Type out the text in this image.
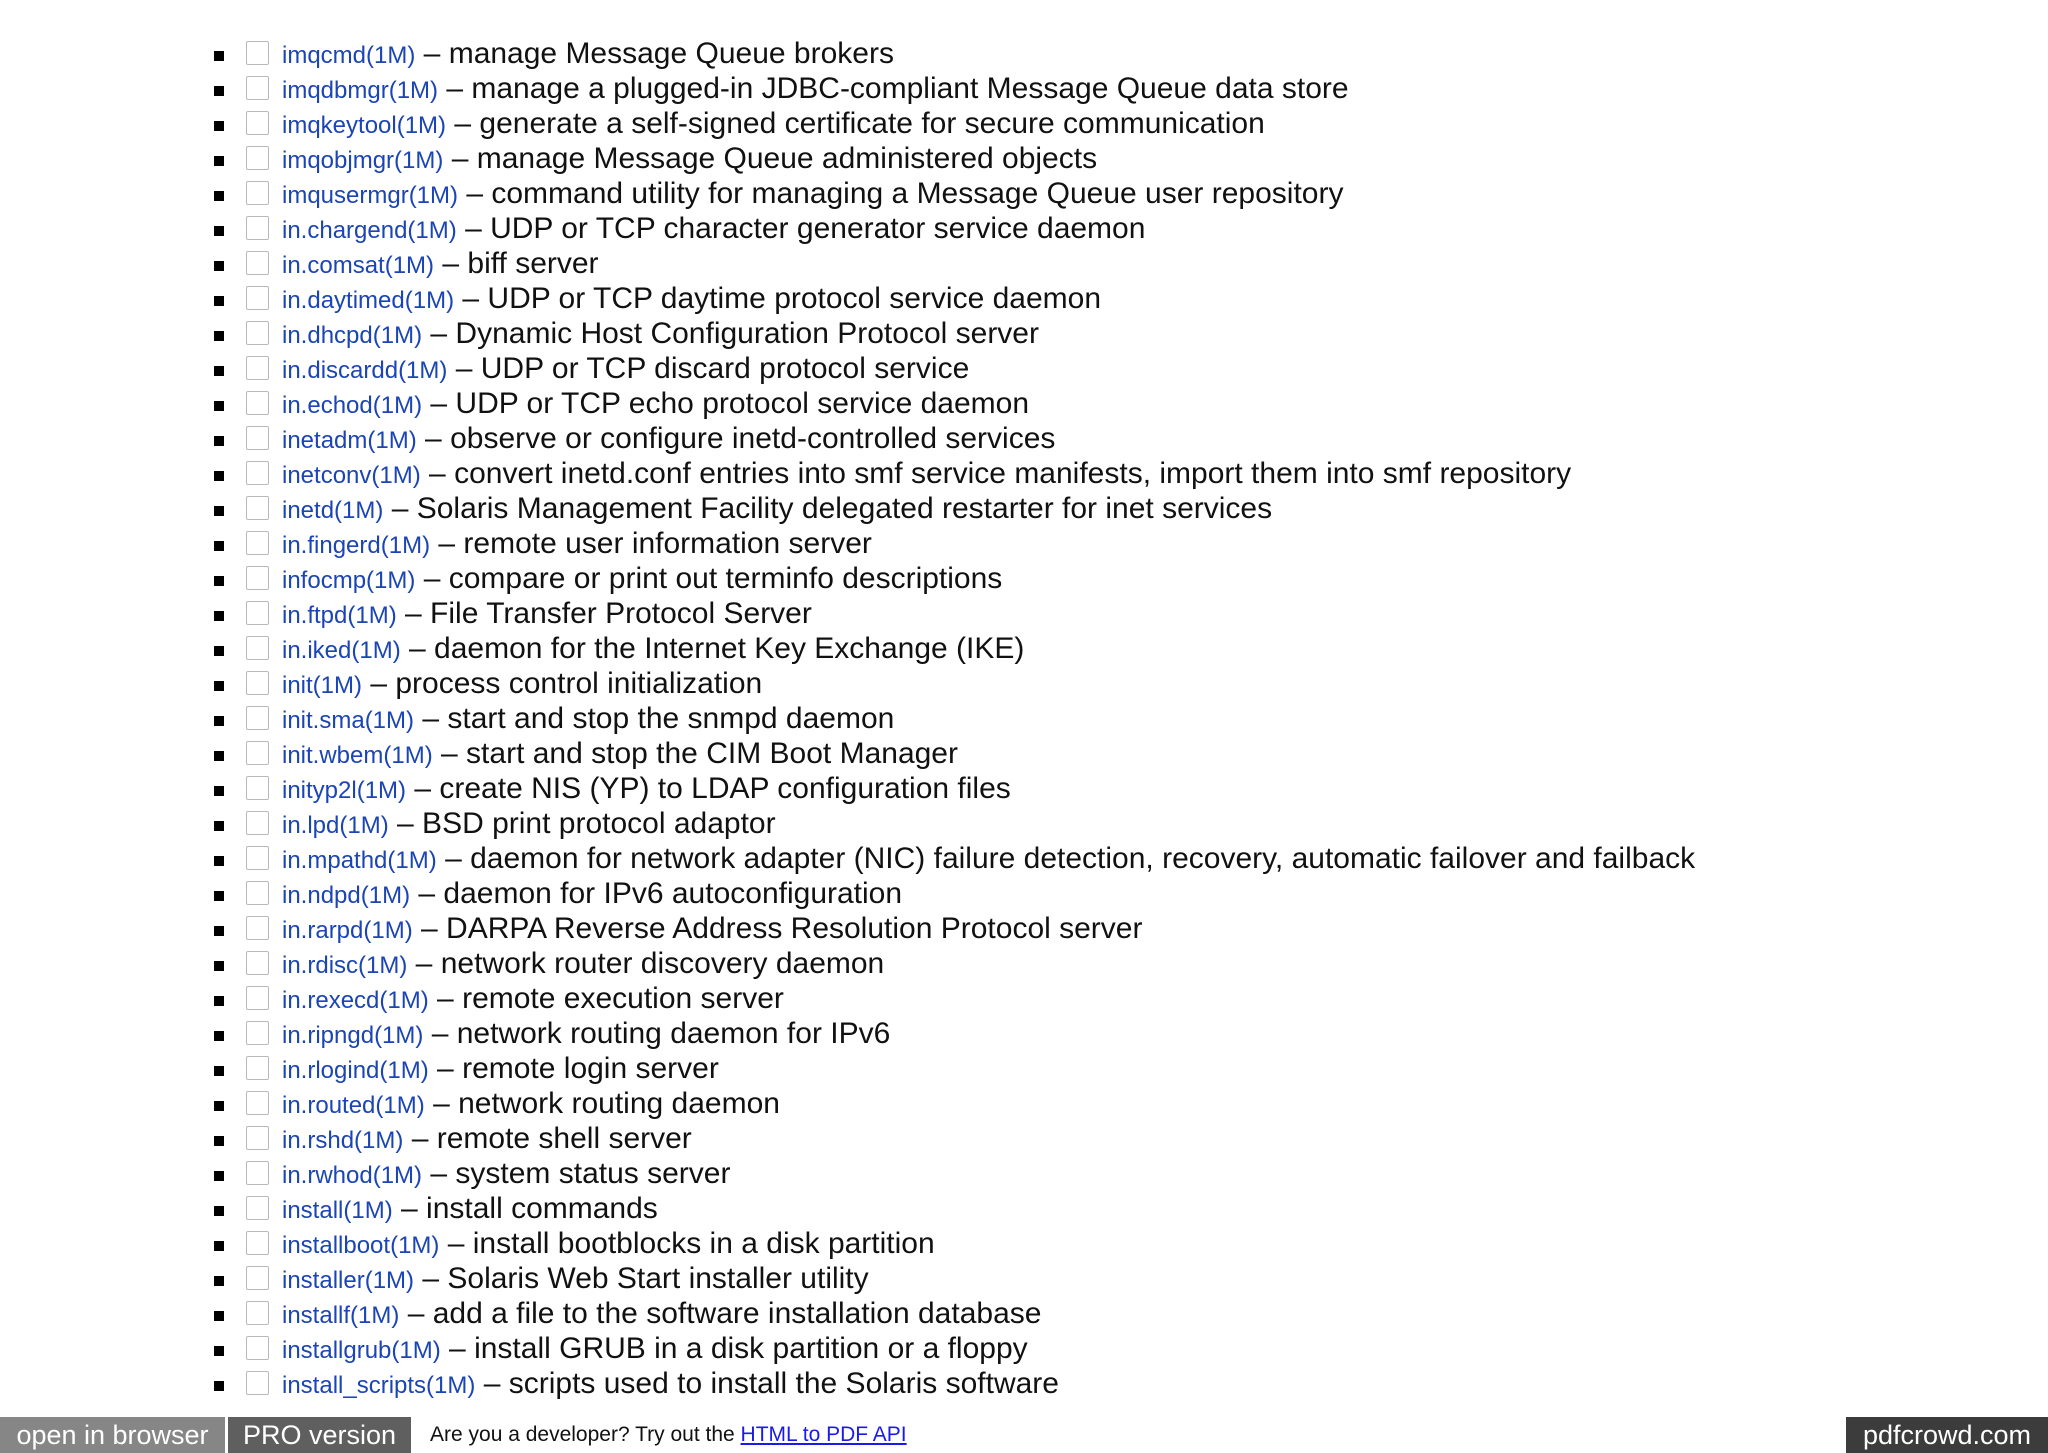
imqcmd(1M) – manage Message Queue brokers
imqdbmgr(1M) – manage a plugged-in JDBC-compliant Message Queue data store
imqkeytool(1M) – generate a self-signed certificate for secure communication
imqobjmgr(1M) – manage Message Queue administered objects
imqusermgr(1M) – command utility for managing a Message Queue user repository
in.chargend(1M) – UDP or TCP character generator service daemon
in.comsat(1M) – biff server
in.daytimed(1M) – UDP or TCP daytime protocol service daemon
in.dhcpd(1M) – Dynamic Host Configuration Protocol server
in.discardd(1M) – UDP or TCP discard protocol service
in.echod(1M) – UDP or TCP echo protocol service daemon
inetadm(1M) – observe or configure inetd-controlled services
inetconv(1M) – convert inetd.conf entries into smf service manifests, import them into smf repository
inetd(1M) – Solaris Management Facility delegated restarter for inet services
in.fingerd(1M) – remote user information server
infocmp(1M) – compare or print out terminfo descriptions
in.ftpd(1M) – File Transfer Protocol Server
in.iked(1M) – daemon for the Internet Key Exchange (IKE)
init(1M) – process control initialization
init.sma(1M) – start and stop the snmpd daemon
init.wbem(1M) – start and stop the CIM Boot Manager
inityp2l(1M) – create NIS (YP) to LDAP configuration files
in.lpd(1M) – BSD print protocol adaptor
in.mpathd(1M) – daemon for network adapter (NIC) failure detection, recovery, automatic failover and failback
in.ndpd(1M) – daemon for IPv6 autoconfiguration
in.rarpd(1M) – DARPA Reverse Address Resolution Protocol server
in.rdisc(1M) – network router discovery daemon
in.rexecd(1M) – remote execution server
in.ripngd(1M) – network routing daemon for IPv6
in.rlogind(1M) – remote login server
in.routed(1M) – network routing daemon
in.rshd(1M) – remote shell server
in.rwhod(1M) – system status server
install(1M) – install commands
installboot(1M) – install bootblocks in a disk partition
installer(1M) – Solaris Web Start installer utility
installf(1M) – add a file to the software installation database
installgrub(1M) – install GRUB in a disk partition or a floppy
install_scripts(1M) – scripts used to install the Solaris software
open in browser	PRO version	Are you a developer? Try out the HTML to PDF API	pdfcrowd.com
